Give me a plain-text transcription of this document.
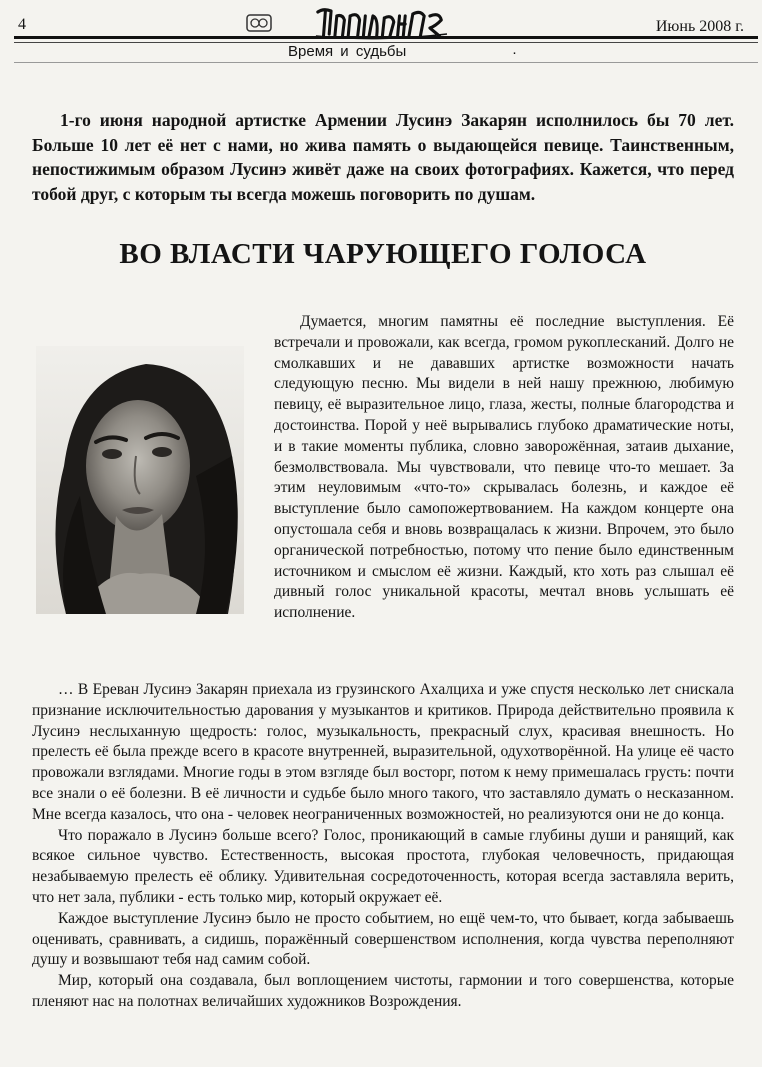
4	Июнь 2008 г.
Время и судьбы	·

1-го июня народной артистке Армении Лусинэ Закарян исполнилось бы 70 лет. Больше 10 лет её нет с нами, но жива память о выдающейся певице. Таинственным, непостижимым образом Лусинэ живёт даже на своих фотографиях. Кажется, что перед тобой друг, с которым ты всегда можешь поговорить по душам.

ВО ВЛАСТИ ЧАРУЮЩЕГО ГОЛОСА

Думается, многим памятны её последние выступления. Её встречали и провожали, как всегда, громом рукоплесканий. Долго не смолкавших и не дававших артистке возможности начать следующую песню. Мы видели в ней нашу прежнюю, любимую певицу, её выразительное лицо, глаза, жесты, полные благородства и достоинства. Порой у неё вырывались глубоко драматические ноты, и в такие моменты публика, словно заворожённая, затаив дыхание, безмолвствовала. Мы чувствовали, что певице что-то мешает. За этим неуловимым «что-то» скрывалась болезнь, и каждое её выступление было самопожертвованием. На каждом концерте она опустошала себя и вновь возвращалась к жизни. Впрочем, это было органической потребностью, потому что пение было единственным источником и смыслом её жизни. Каждый, кто хоть раз слышал её дивный голос уникальной красоты, мечтал вновь услышать её исполнение.

… В Ереван Лусинэ Закарян приехала из грузинского Ахалциха и уже спустя несколько лет снискала признание исключительностью дарования у музыкантов и критиков. Природа действительно проявила к Лусинэ неслыханную щедрость: голос, музыкальность, прекрасный слух, красивая внешность. Но прелесть её была прежде всего в красоте внутренней, выразительной, одухотворённой. На улице её часто провожали взглядами. Многие годы в этом взгляде был восторг, потом к нему примешалась грусть: почти все знали о её болезни. В её личности и судьбе было много такого, что заставляло думать о несказанном. Мне всегда казалось, что она - человек неограниченных возможностей, но реализуются они не до конца.

Что поражало в Лусинэ больше всего? Голос, проникающий в самые глубины души и ранящий, как всякое сильное чувство. Естественность, высокая простота, глубокая человечность, придающая незабываемую прелесть её облику. Удивительная сосредоточенность, которая всегда заставляла верить, что нет зала, публики - есть только мир, который окружает её.

Каждое выступление Лусинэ было не просто событием, но ещё чем-то, что бывает, когда забываешь оценивать, сравнивать, а сидишь, поражённый совершенством исполнения, когда чувства переполняют душу и возвышают тебя над самим собой.

Мир, который она создавала, был воплощением чистоты, гармонии и того совершенства, которые пленяют нас на полотнах величайших художников Возрождения.
